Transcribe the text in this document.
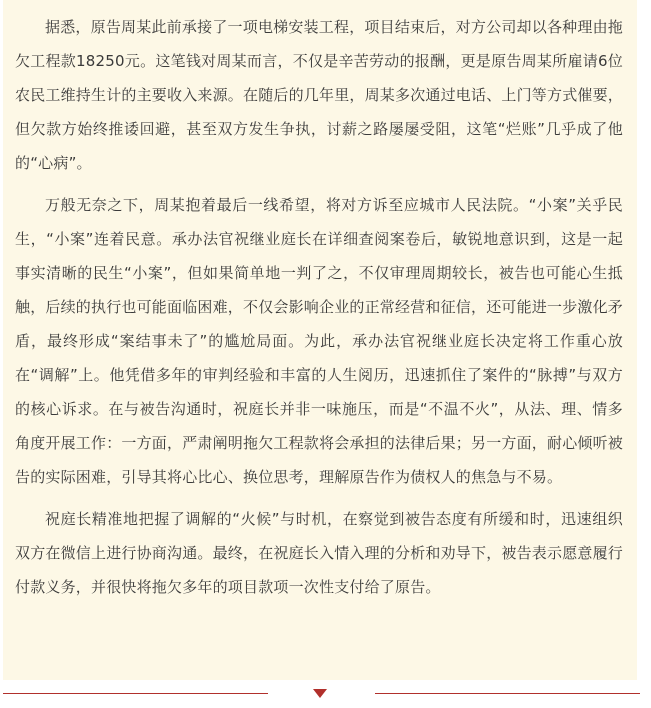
据悉，原告周某此前承接了一项电梯安装工程，项目结束后，对方公司却以各种理由拖欠工程款18250元。这笔钱对周某而言，不仅是辛苦劳动的报酬，更是原告周某所雇请6位农民工维持生计的主要收入来源。在随后的几年里，周某多次通过电话、上门等方式催要，但欠款方始终推诿回避，甚至双方发生争执，讨薪之路屡屡受阻，这笔“烂账”几乎成了他的“心病”。

万般无奈之下，周某抱着最后一线希望，将对方诉至应城市人民法院。“小案”关乎民生，“小案”连着民意。承办法官祝继业庭长在详细查阅案卷后，敏锐地意识到，这是一起事实清晰的民生“小案”，但如果简单地一判了之，不仅审理周期较长，被告也可能心生抵触，后续的执行也可能面临困难，不仅会影响企业的正常经营和征信，还可能进一步激化矛盾，最终形成“案结事未了”的尴尬局面。为此，承办法官祝继业庭长决定将工作重心放在“调解”上。他凭借多年的审判经验和丰富的人生阅历，迅速抓住了案件的“脉搏”与双方的核心诉求。在与被告沟通时，祝庭长并非一味施压，而是“不温不火”，从法、理、情多角度开展工作：一方面，严肃阐明拖欠工程款将会承担的法律后果；另一方面，耐心倾听被告的实际困难，引导其将心比心、换位思考，理解原告作为债权人的焦急与不易。

祝庭长精准地把握了调解的“火候”与时机，在察觉到被告态度有所缓和时，迅速组织双方在微信上进行协商沟通。最终，在祝庭长入情入理的分析和劝导下，被告表示愿意履行付款义务，并很快将拖欠多年的项目款项一次性支付给了原告。
